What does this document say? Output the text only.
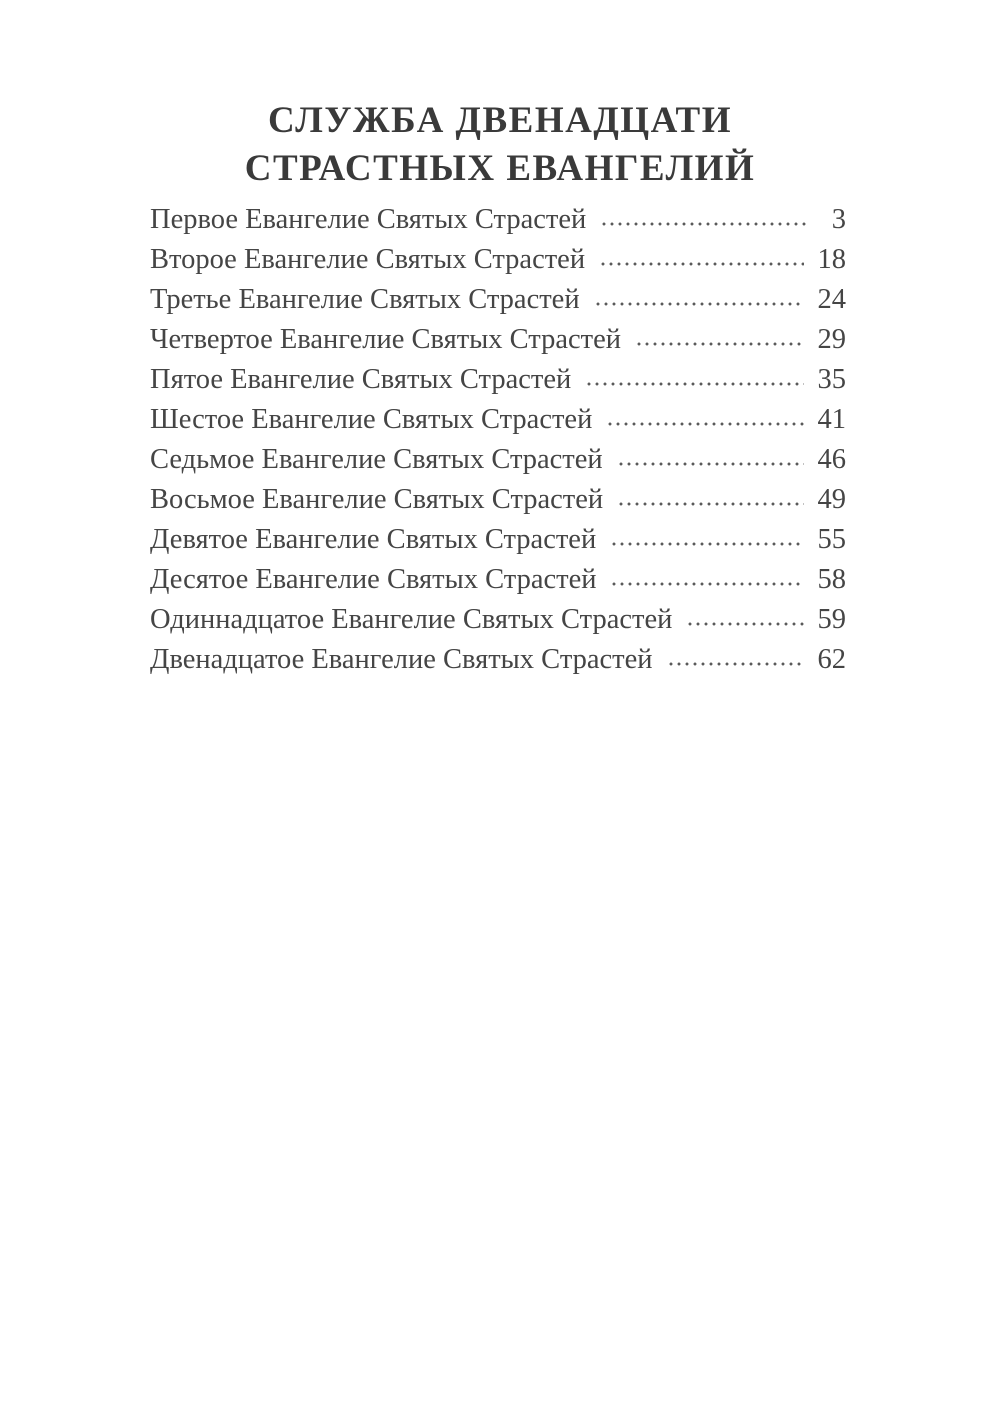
СЛУЖБА ДВЕНАДЦАТИ
СТРАСТНЫХ ЕВАНГЕЛИЙ
Первое Евангелие Святых Страстей	3
Второе Евангелие Святых Страстей	18
Третье Евангелие Святых Страстей	24
Четвертое Евангелие Святых Страстей	29
Пятое Евангелие Святых Страстей	35
Шестое Евангелие Святых Страстей	41
Седьмое Евангелие Святых Страстей	46
Восьмое Евангелие Святых Страстей	49
Девятое Евангелие Святых Страстей	55
Десятое Евангелие Святых Страстей	58
Одиннадцатое Евангелие Святых Страстей	59
Двенадцатое Евангелие Святых Страстей	62
